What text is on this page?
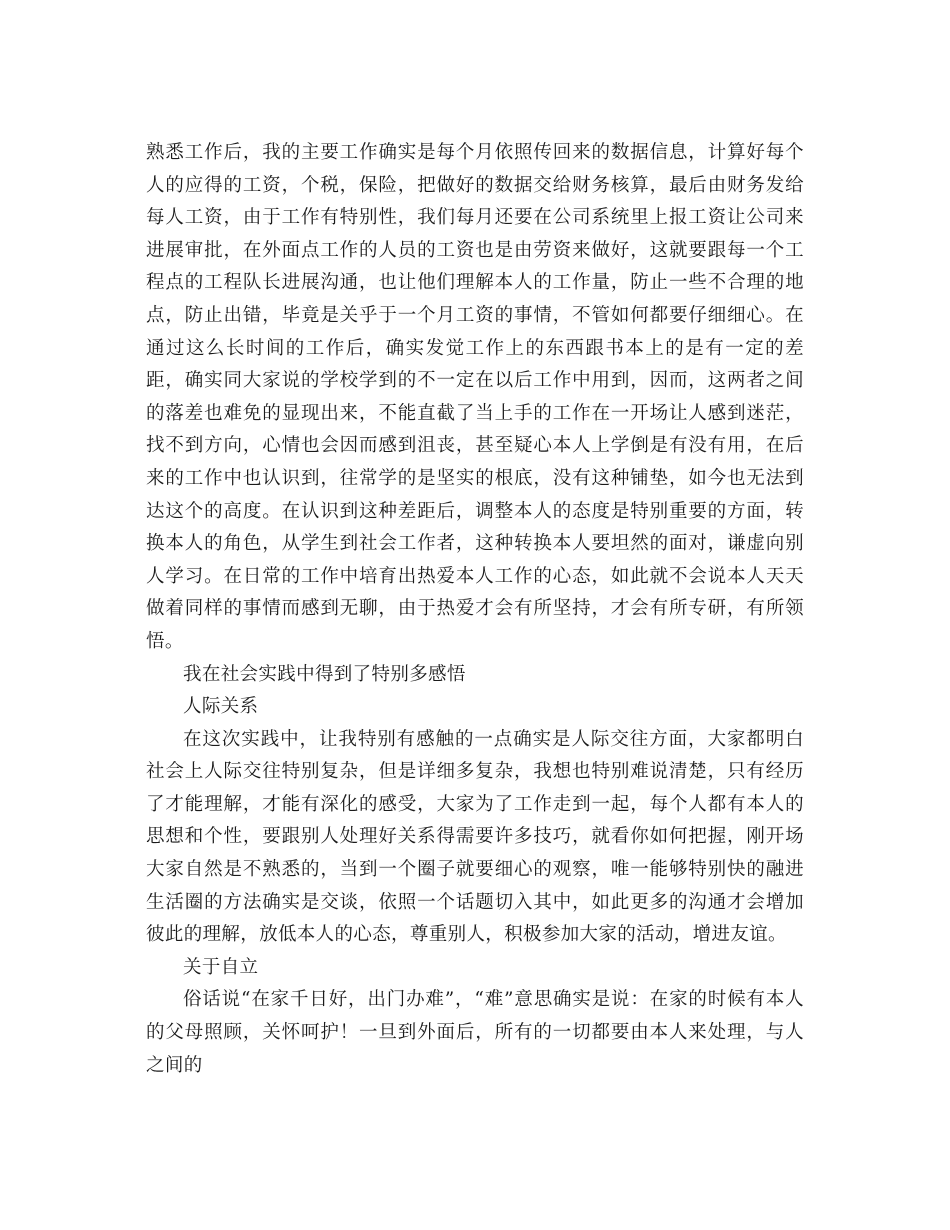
熟悉工作后，我的主要工作确实是每个月依照传回来的数据信息，计算好每个人的应得的工资，个税，保险，把做好的数据交给财务核算，最后由财务发给每人工资，由于工作有特别性，我们每月还要在公司系统里上报工资让公司来进展审批，在外面点工作的人员的工资也是由劳资来做好，这就要跟每一个工程点的工程队长进展沟通，也让他们理解本人的工作量，防止一些不合理的地点，防止出错，毕竟是关乎于一个月工资的事情，不管如何都要仔细细心。在通过这么长时间的工作后，确实发觉工作上的东西跟书本上的是有一定的差距，确实同大家说的学校学到的不一定在以后工作中用到，因而，这两者之间的落差也难免的显现出来，不能直截了当上手的工作在一开场让人感到迷茫，找不到方向，心情也会因而感到沮丧，甚至疑心本人上学倒是有没有用，在后来的工作中也认识到，往常学的是坚实的根底，没有这种铺垫，如今也无法到达这个的高度。在认识到这种差距后，调整本人的态度是特别重要的方面，转换本人的角色，从学生到社会工作者，这种转换本人要坦然的面对，谦虚向别人学习。在日常的工作中培育出热爱本人工作的心态，如此就不会说本人天天做着同样的事情而感到无聊，由于热爱才会有所坚持，才会有所专研，有所领悟。

我在社会实践中得到了特别多感悟

人际关系

在这次实践中，让我特别有感触的一点确实是人际交往方面，大家都明白社会上人际交往特别复杂，但是详细多复杂，我想也特别难说清楚，只有经历了才能理解，才能有深化的感受，大家为了工作走到一起，每个人都有本人的思想和个性，要跟别人处理好关系得需要许多技巧，就看你如何把握，刚开场大家自然是不熟悉的，当到一个圈子就要细心的观察，唯一能够特别快的融进生活圈的方法确实是交谈，依照一个话题切入其中，如此更多的沟通才会增加彼此的理解，放低本人的心态，尊重别人，积极参加大家的活动，增进友谊。

关于自立

俗话说“在家千日好，出门办难”，“难”意思确实是说：在家的时候有本人的父母照顾，关怀呵护！一旦到外面后，所有的一切都要由本人来处理，与人之间的
